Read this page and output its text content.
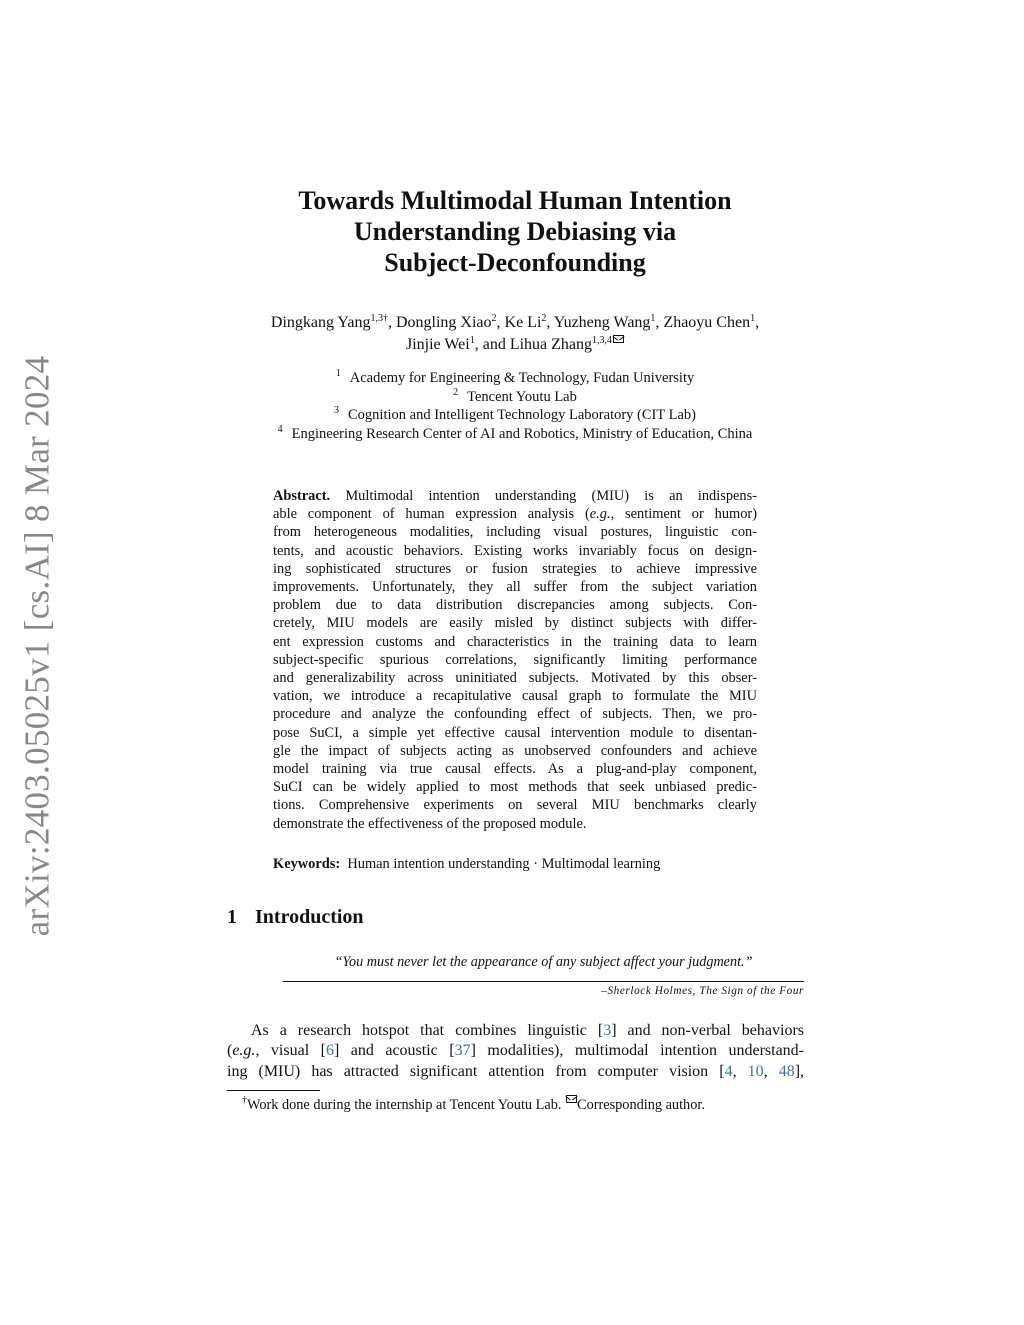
arXiv:2403.05025v1 [cs.AI] 8 Mar 2024
Towards Multimodal Human Intention
Understanding Debiasing via
Subject-Deconfounding
Dingkang Yang$^{1,3\dagger}$, Dongling Xiao$^2$, Ke Li$^2$, Yuzheng Wang$^1$, Zhaoyu Chen$^1$,
Jinjie Wei$^1$, and Lihua Zhang$^{1,3,4}$
$^1$ Academy for Engineering & Technology, Fudan University
$^2$ Tencent Youtu Lab
$^3$ Cognition and Intelligent Technology Laboratory (CIT Lab)
$^4$ Engineering Research Center of AI and Robotics, Ministry of Education, China
Abstract. Multimodal intention understanding (MIU) is an indispens-
able component of human expression analysis (e.g., sentiment or humor)
from heterogeneous modalities, including visual postures, linguistic con-
tents, and acoustic behaviors. Existing works invariably focus on design-
ing sophisticated structures or fusion strategies to achieve impressive
improvements. Unfortunately, they all suffer from the subject variation
problem due to data distribution discrepancies among subjects. Con-
cretely, MIU models are easily misled by distinct subjects with differ-
ent expression customs and characteristics in the training data to learn
subject-specific spurious correlations, significantly limiting performance
and generalizability across uninitiated subjects. Motivated by this obser-
vation, we introduce a recapitulative causal graph to formulate the MIU
procedure and analyze the confounding effect of subjects. Then, we pro-
pose SuCI, a simple yet effective causal intervention module to disentan-
gle the impact of subjects acting as unobserved confounders and achieve
model training via true causal effects. As a plug-and-play component,
SuCI can be widely applied to most methods that seek unbiased predic-
tions. Comprehensive experiments on several MIU benchmarks clearly
demonstrate the effectiveness of the proposed module.
Keywords: Human intention understanding · Multimodal learning
1 Introduction
“You must never let the appearance of any subject affect your judgment.”
–Sherlock Holmes, The Sign of the Four
As a research hotspot that combines linguistic [3] and non-verbal behaviors
(e.g., visual [6] and acoustic [37] modalities), multimodal intention understand-
ing (MIU) has attracted significant attention from computer vision [4, 10, 48],
†Work done during the internship at Tencent Youtu Lab. Corresponding author.
